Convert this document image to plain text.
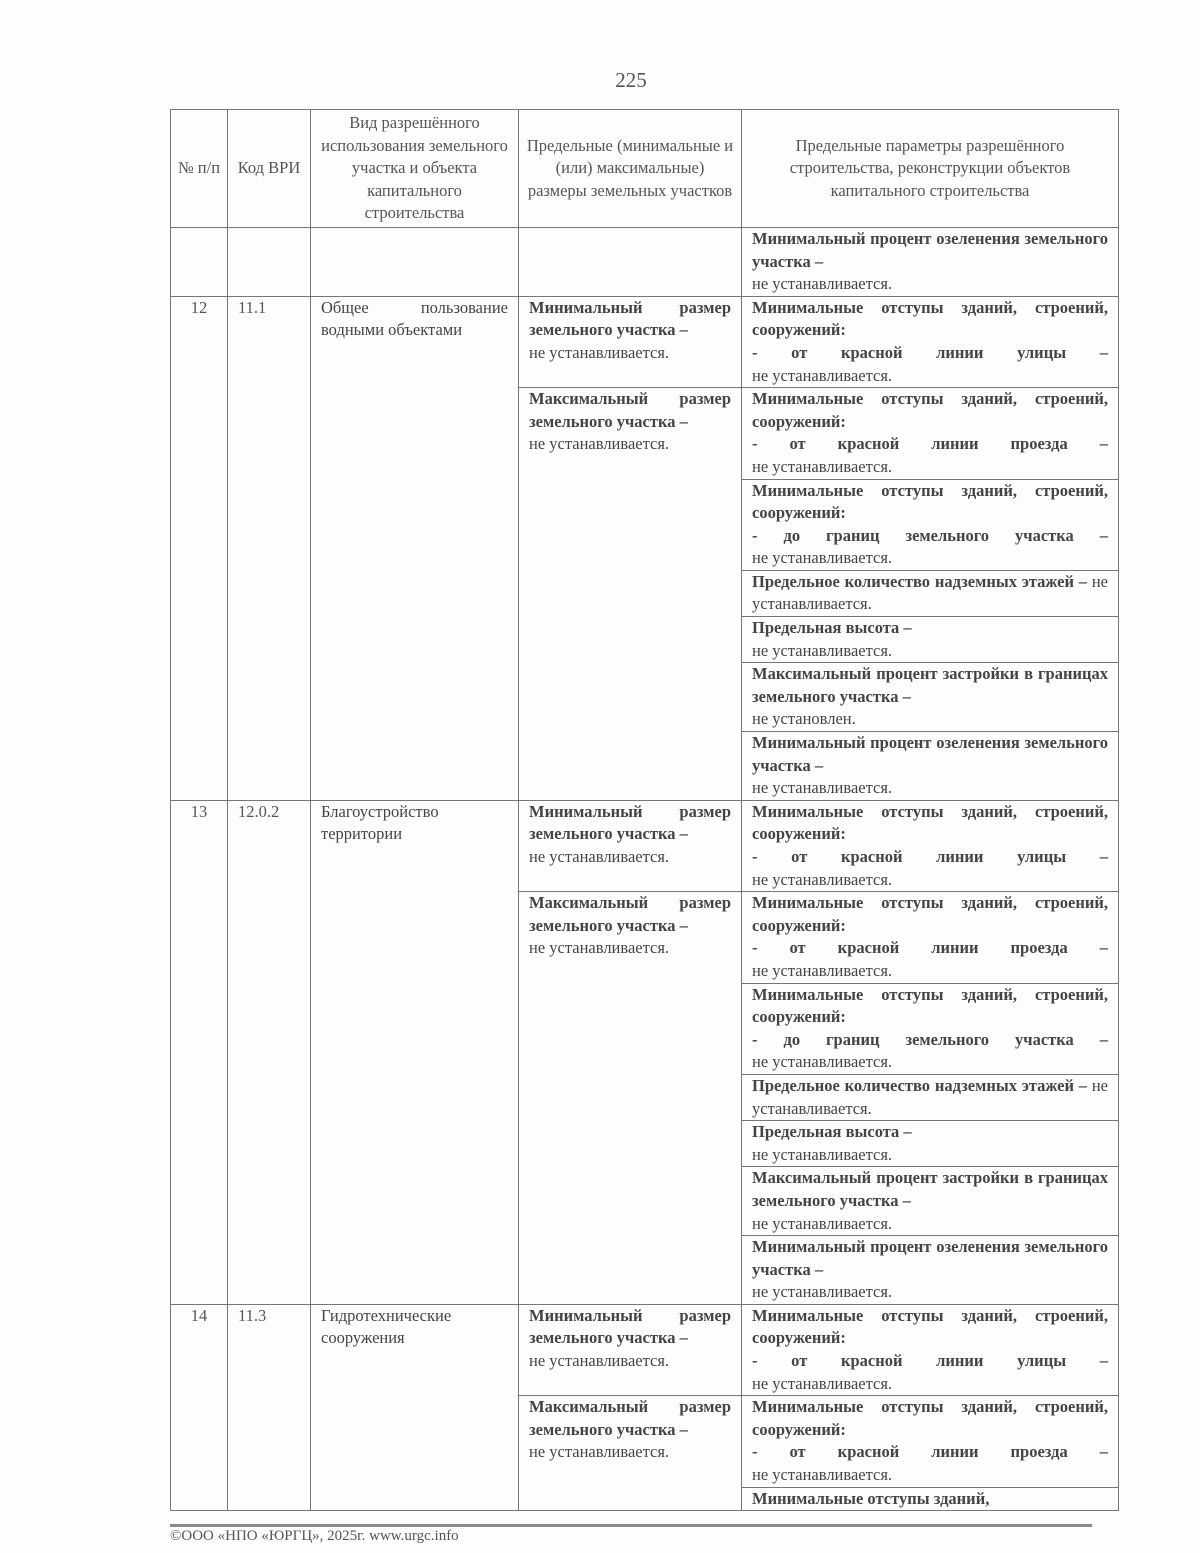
225
№ п/п	Код ВРИ	Вид разрешённого использования земельного участка и объекта капитального строительства	Предельные (минимальные и (или) максимальные) размеры земельных участков	Предельные параметры разрешённого строительства, реконструкции объектов капитального строительства

				Минимальный процент озеленения земельного участка –
не устанавливается.

12	11.1	Общее пользование водными объектами	Минимальный размер земельного участка –
не устанавливается.	Минимальные отступы зданий, строений, сооружений:

- от красной линии улицы –
не устанавливается.

			Максимальный размер земельного участка –
не устанавливается.	Минимальные отступы зданий, строений, сооружений:

- от красной линии проезда –
не устанавливается.

				Минимальные отступы зданий, строений, сооружений:

- до границ земельного участка –
не устанавливается.

				Предельное количество надземных этажей – не устанавливается.

				Предельная высота –
не устанавливается.

				Максимальный процент застройки в границах земельного участка –
не установлен.

				Минимальный процент озеленения земельного участка –
не устанавливается.

13	12.0.2	Благоустройство территории	Минимальный размер земельного участка –
не устанавливается.	Минимальные отступы зданий, строений, сооружений:

- от красной линии улицы –
не устанавливается.

			Максимальный размер земельного участка –
не устанавливается.	Минимальные отступы зданий, строений, сооружений:

- от красной линии проезда –
не устанавливается.

				Минимальные отступы зданий, строений, сооружений:

- до границ земельного участка –
не устанавливается.

				Предельное количество надземных этажей – не устанавливается.

				Предельная высота –
не устанавливается.

				Максимальный процент застройки в границах земельного участка –
не устанавливается.

				Минимальный процент озеленения земельного участка –
не устанавливается.

14	11.3	Гидротехнические сооружения	Минимальный размер земельного участка –
не устанавливается.	Минимальные отступы зданий, строений, сооружений:

- от красной линии улицы –
не устанавливается.

			Максимальный размер земельного участка –
не устанавливается.	Минимальные отступы зданий, строений, сооружений:

- от красной линии проезда –
не устанавливается.

				Минимальные отступы зданий,
©ООО «НПО «ЮРГЦ», 2025г. www.urgc.info
